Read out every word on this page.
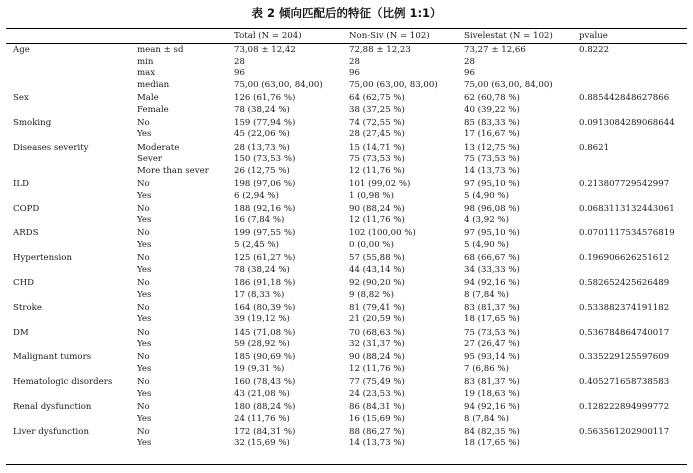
表 2 倾向匹配后的特征（比例 1:1）
		Total (N = 204)	Non-Siv (N = 102)	Sivelestat (N = 102)	pvalue
Age	mean ± sd	73,08 ± 12,42	72,88 ± 12,23	73,27 ± 12,66	0.8222
	min	28	28	28	
	max	96	96	96	
	median	75,00 (63,00, 84,00)	75,00 (63,00, 83,00)	75,00 (63,00, 84,00)	
Sex	Male	126 (61,76 %)	64 (62,75 %)	62 (60,78 %)	0.885442848627866
	Female	78 (38,24 %)	38 (37,25 %)	40 (39,22 %)	
Smoking	No	159 (77,94 %)	74 (72,55 %)	85 (83,33 %)	0.0913084289068644
	Yes	45 (22,06 %)	28 (27,45 %)	17 (16,67 %)	
Diseases severity	Moderate	28 (13,73 %)	15 (14,71 %)	13 (12,75 %)	0.8621
	Sever	150 (73,53 %)	75 (73,53 %)	75 (73,53 %)	
	More than sever	26 (12,75 %)	12 (11,76 %)	14 (13,73 %)	
ILD	No	198 (97,06 %)	101 (99,02 %)	97 (95,10 %)	0.213807729542997
	Yes	6 (2,94 %)	1 (0,98 %)	5 (4,90 %)	
COPD	No	188 (92,16 %)	90 (88,24 %)	98 (96,08 %)	0.0683113132443061
	Yes	16 (7,84 %)	12 (11,76 %)	4 (3,92 %)	
ARDS	No	199 (97,55 %)	102 (100,00 %)	97 (95,10 %)	0.0701117534576819
	Yes	5 (2,45 %)	0 (0,00 %)	5 (4,90 %)	
Hypertension	No	125 (61,27 %)	57 (55,88 %)	68 (66,67 %)	0.196906626251612
	Yes	78 (38,24 %)	44 (43,14 %)	34 (33,33 %)	
CHD	No	186 (91,18 %)	92 (90,20 %)	94 (92,16 %)	0.582652425626489
	Yes	17 (8,33 %)	9 (8,82 %)	8 (7,84 %)	
Stroke	No	164 (80,39 %)	81 (79,41 %)	83 (81,37 %)	0.533882374191182
	Yes	39 (19,12 %)	21 (20,59 %)	18 (17,65 %)	
DM	No	145 (71,08 %)	70 (68,63 %)	75 (73,53 %)	0.536784864740017
	Yes	59 (28,92 %)	32 (31,37 %)	27 (26,47 %)	
Malignant tumors	No	185 (90,69 %)	90 (88,24 %)	95 (93,14 %)	0.335229125597609
	Yes	19 (9,31 %)	12 (11,76 %)	7 (6,86 %)	
Hematologic disorders	No	160 (78,43 %)	77 (75,49 %)	83 (81,37 %)	0.405271658738583
	Yes	43 (21,08 %)	24 (23,53 %)	19 (18,63 %)	
Renal dysfunction	No	180 (88,24 %)	86 (84,31 %)	94 (92,16 %)	0.128222894999772
	Yes	24 (11,76 %)	16 (15,69 %)	8 (7,84 %)	
Liver dysfunction	No	172 (84,31 %)	88 (86,27 %)	84 (82,35 %)	0.563561202900117
	Yes	32 (15,69 %)	14 (13,73 %)	18 (17,65 %)	
